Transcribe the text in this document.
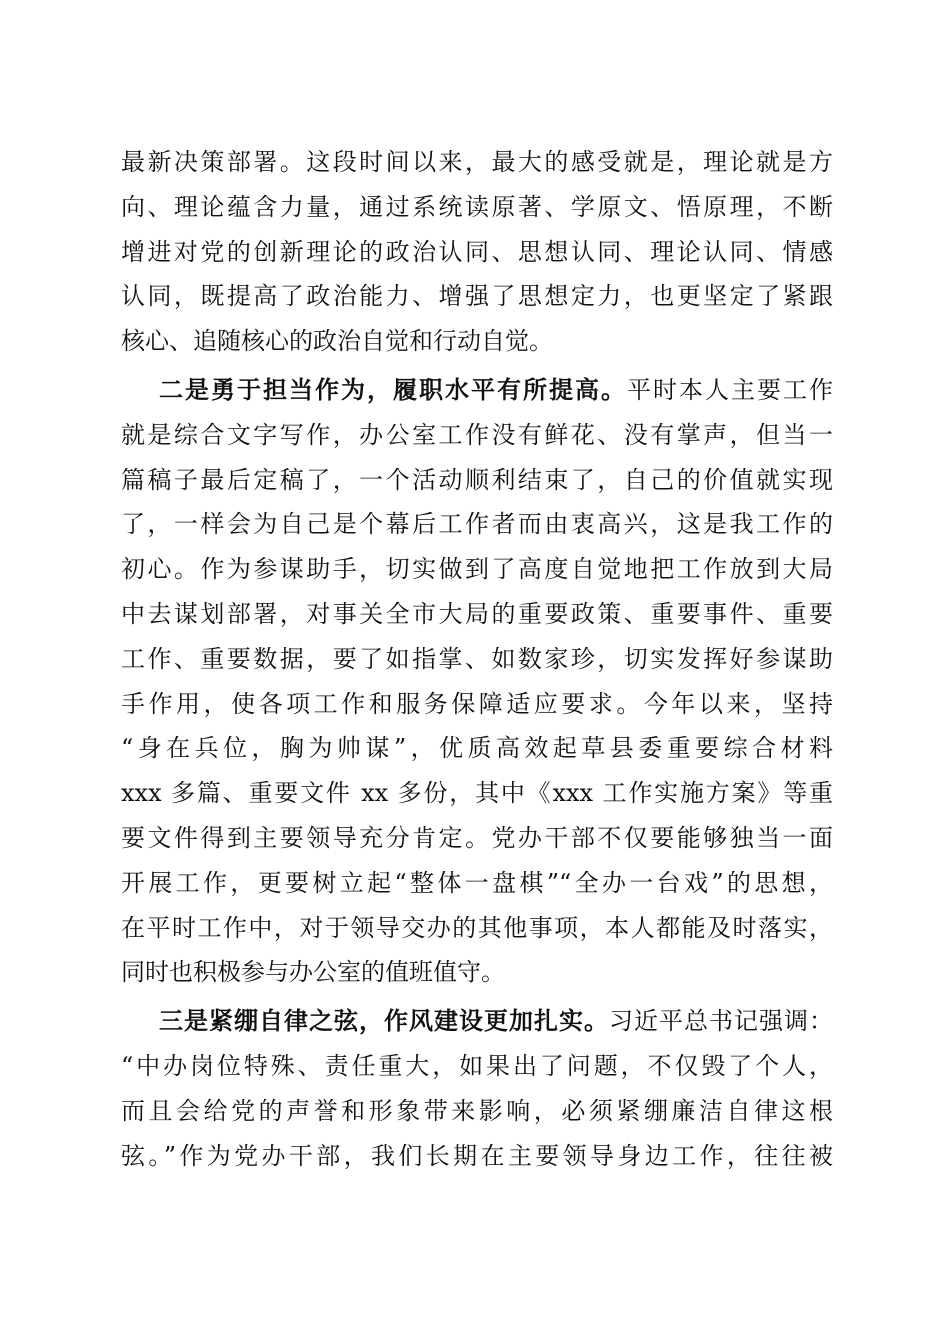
最新决策部署。这段时间以来，最大的感受就是，理论就是方
向、理论蕴含力量，通过系统读原著、学原文、悟原理，不断
增进对党的创新理论的政治认同、思想认同、理论认同、情感
认同，既提高了政治能力、增强了思想定力，也更坚定了紧跟
核心、追随核心的政治自觉和行动自觉。
二是勇于担当作为，履职水平有所提高。平时本人主要工作
就是综合文字写作，办公室工作没有鲜花、没有掌声，但当一
篇稿子最后定稿了，一个活动顺利结束了，自己的价值就实现
了，一样会为自己是个幕后工作者而由衷高兴，这是我工作的
初心。作为参谋助手，切实做到了高度自觉地把工作放到大局
中去谋划部署，对事关全市大局的重要政策、重要事件、重要
工作、重要数据，要了如指掌、如数家珍，切实发挥好参谋助
手作用，使各项工作和服务保障适应要求。今年以来，坚持
“身在兵位，胸为帅谋”，优质高效起草县委重要综合材料
xxx 多篇、重要文件 xx 多份，其中《xxx 工作实施方案》等重
要文件得到主要领导充分肯定。党办干部不仅要能够独当一面
开展工作，更要树立起“整体一盘棋”“全办一台戏”的思想，
在平时工作中，对于领导交办的其他事项，本人都能及时落实，
同时也积极参与办公室的值班值守。
三是紧绷自律之弦，作风建设更加扎实。习近平总书记强调：
“中办岗位特殊、责任重大，如果出了问题，不仅毁了个人，
而且会给党的声誉和形象带来影响，必须紧绷廉洁自律这根
弦。”作为党办干部，我们长期在主要领导身边工作，往往被
